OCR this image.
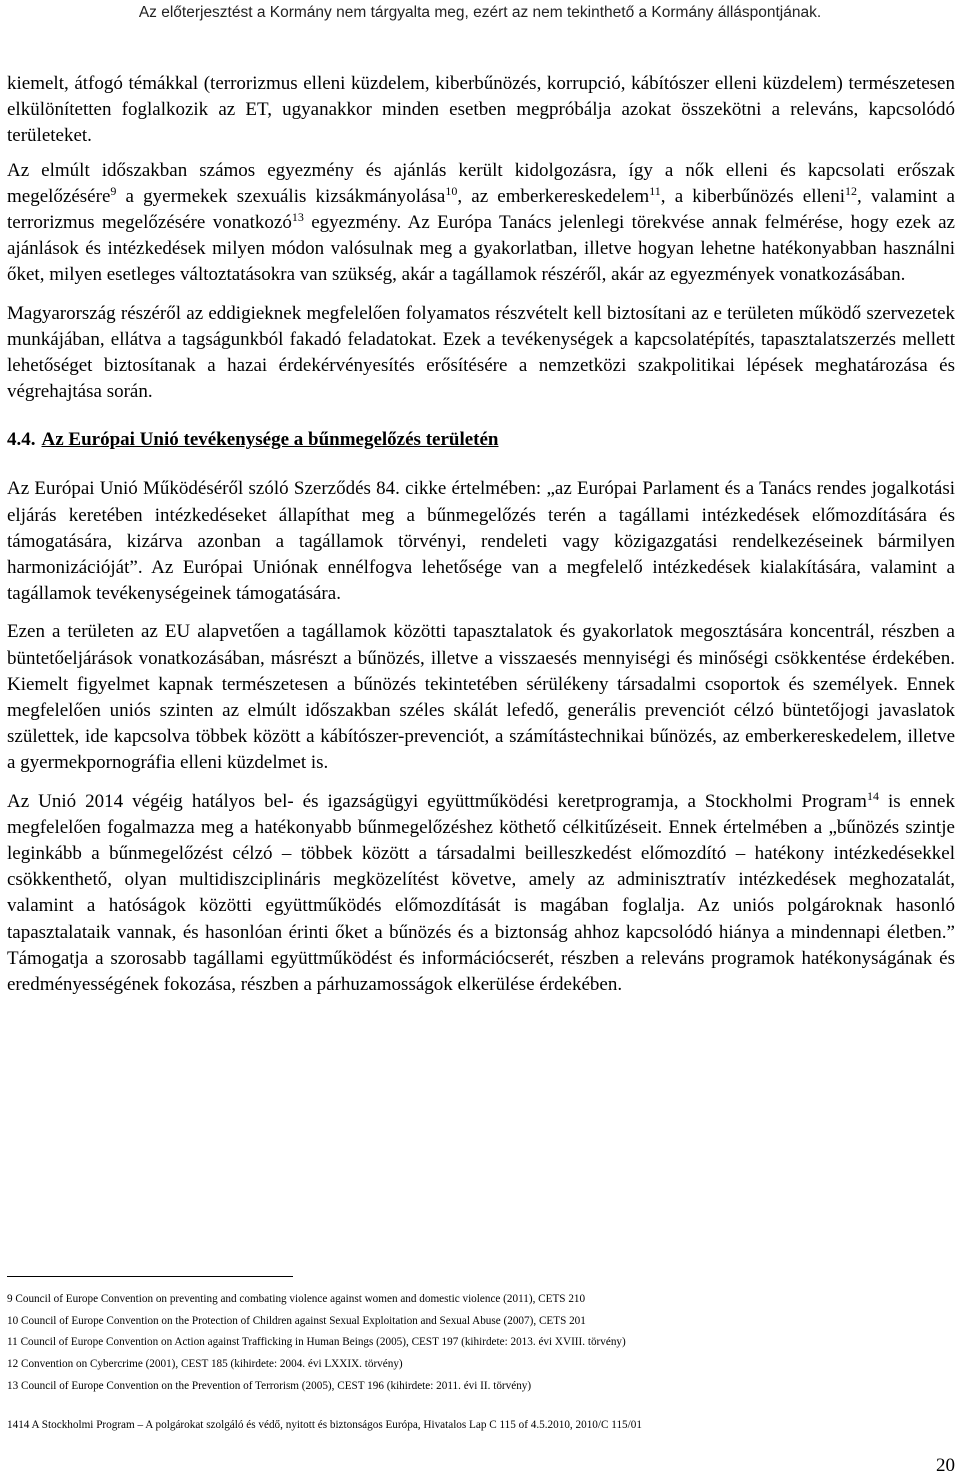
Az előterjesztést a Kormány nem tárgyalta meg, ezért az nem tekinthető a Kormány álláspontjának.

kiemelt, átfogó témákkal (terrorizmus elleni küzdelem, kiberbűnözés, korrupció, kábítószer elleni küzdelem) természetesen elkülönítetten foglalkozik az ET, ugyanakkor minden esetben megpróbálja azokat összekötni a releváns, kapcsolódó területeket.

Az elmúlt időszakban számos egyezmény és ajánlás került kidolgozásra, így a nők elleni és kapcsolati erőszak megelőzésére$^9$ a gyermekek szexuális kizsákmányolása$^{10}$, az emberkereskedelem$^{11}$, a kiberbűnözés elleni$^{12}$, valamint a terrorizmus megelőzésére vonatkozó$^{13}$ egyezmény. Az Európa Tanács jelenlegi törekvése annak felmérése, hogy ezek az ajánlások és intézkedések milyen módon valósulnak meg a gyakorlatban, illetve hogyan lehetne hatékonyabban használni őket, milyen esetleges változtatásokra van szükség, akár a tagállamok részéről, akár az egyezmények vonatkozásában.

Magyarország részéről az eddigieknek megfelelően folyamatos részvételt kell biztosítani az e területen működő szervezetek munkájában, ellátva a tagságunkból fakadó feladatokat. Ezek a tevékenységek a kapcsolatépítés, tapasztalatszerzés mellett lehetőséget biztosítanak a hazai érdekérvényesítés erősítésére a nemzetközi szakpolitikai lépések meghatározása és végrehajtása során.

4.4. Az Európai Unió tevékenysége a bűnmegelőzés területén

Az Európai Unió Működéséről szóló Szerződés 84. cikke értelmében: „az Európai Parlament és a Tanács rendes jogalkotási eljárás keretében intézkedéseket állapíthat meg a bűnmegelőzés terén a tagállami intézkedések előmozdítására és támogatására, kizárva azonban a tagállamok törvényi, rendeleti vagy közigazgatási rendelkezéseinek bármilyen harmonizációját”. Az Európai Uniónak ennélfogva lehetősége van a megfelelő intézkedések kialakítására, valamint a tagállamok tevékenységeinek támogatására.

Ezen a területen az EU alapvetően a tagállamok közötti tapasztalatok és gyakorlatok megosztására koncentrál, részben a büntetőeljárások vonatkozásában, másrészt a bűnözés, illetve a visszaesés mennyiségi és minőségi csökkentése érdekében. Kiemelt figyelmet kapnak természetesen a bűnözés tekintetében sérülékeny társadalmi csoportok és személyek. Ennek megfelelően uniós szinten az elmúlt időszakban széles skálát lefedő, generális prevenciót célzó büntetőjogi javaslatok születtek, ide kapcsolva többek között a kábítószer-prevenciót, a számítástechnikai bűnözés, az emberkereskedelem, illetve a gyermekpornográfia elleni küzdelmet is.

Az Unió 2014 végéig hatályos bel- és igazságügyi együttműködési keretprogramja, a Stockholmi Program$^{14}$ is ennek megfelelően fogalmazza meg a hatékonyabb bűnmegelőzéshez köthető célkitűzéseit. Ennek értelmében a „bűnözés szintje leginkább a bűnmegelőzést célzó – többek között a társadalmi beilleszkedést előmozdító – hatékony intézkedésekkel csökkenthető, olyan multidiszciplináris megközelítést követve, amely az adminisztratív intézkedések meghozatalát, valamint a hatóságok közötti együttműködés előmozdítását is magában foglalja. Az uniós polgároknak hasonló tapasztalataik vannak, és hasonlóan érinti őket a bűnözés és a biztonság ahhoz kapcsolódó hiánya a mindennapi életben.” Támogatja a szorosabb tagállami együttműködést és információcserét, részben a releváns programok hatékonyságának és eredményességének fokozása, részben a párhuzamosságok elkerülése érdekében.

9 Council of Europe Convention on preventing and combating violence against women and domestic violence (2011), CETS 210
10 Council of Europe Convention on the Protection of Children against Sexual Exploitation and Sexual Abuse (2007), CETS 201
11 Council of Europe Convention on Action against Trafficking in Human Beings (2005), CEST 197 (kihirdete: 2013. évi XVIII. törvény)
12 Convention on Cybercrime (2001), CEST 185 (kihirdete: 2004. évi LXXIX. törvény)
13 Council of Europe Convention on the Prevention of Terrorism (2005), CEST 196 (kihirdete: 2011. évi II. törvény)
1414 A Stockholmi Program – A polgárokat szolgáló és védő, nyitott és biztonságos Európa, Hivatalos Lap C 115 of 4.5.2010, 2010/C 115/01
20
